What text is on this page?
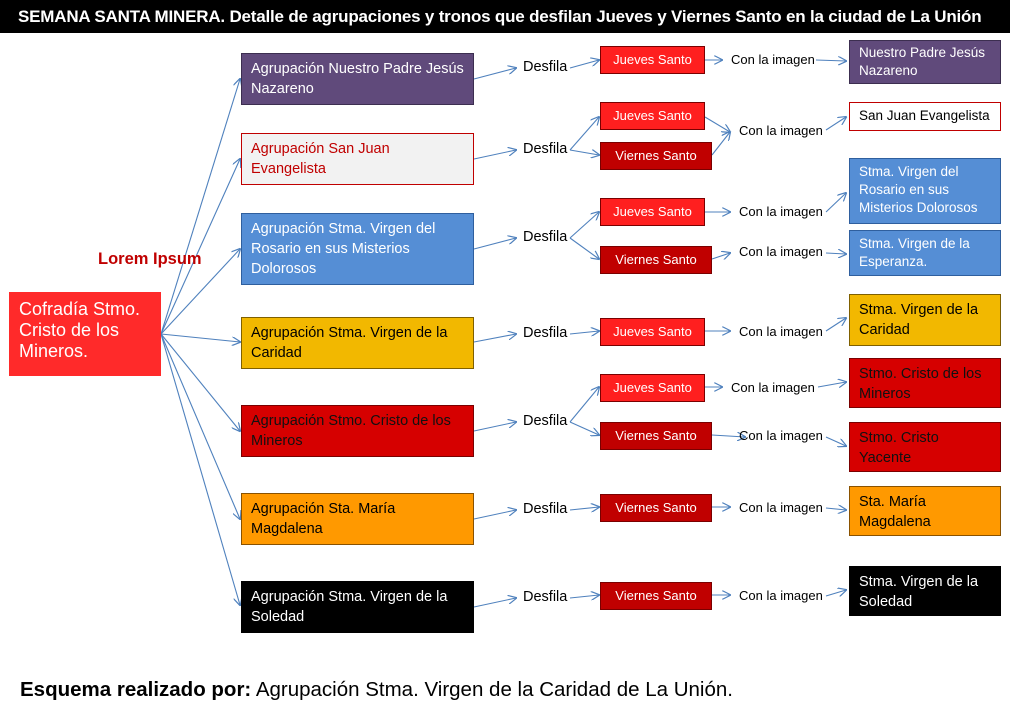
SEMANA SANTA MINERA. Detalle de agrupaciones y tronos que desfilan Jueves y Viernes Santo en la ciudad de La Unión
Cofradía Stmo. Cristo de los Mineros.
Lorem Ipsum
Agrupación Nuestro Padre Jesús Nazareno
Agrupación San Juan Evangelista
Agrupación Stma. Virgen del Rosario en sus Misterios Dolorosos
Agrupación Stma. Virgen de la Caridad
Agrupación Stmo. Cristo de los Mineros
Agrupación Sta. María Magdalena
Agrupación Stma. Virgen de la Soledad
Desfila
Desfila
Desfila
Desfila
Desfila
Desfila
Desfila
Jueves Santo
Jueves Santo
Viernes Santo
Jueves Santo
Viernes Santo
Jueves Santo
Jueves Santo
Viernes Santo
Viernes Santo
Viernes Santo
Con la imagen
Con la imagen
Con la imagen
Con la imagen
Con la imagen
Con la imagen
Con la imagen
Con la imagen
Con la imagen
Nuestro Padre Jesús Nazareno
San Juan Evangelista
Stma. Virgen del Rosario en sus Misterios Dolorosos
Stma. Virgen de la Esperanza.
Stma. Virgen de la Caridad
Stmo. Cristo de los Mineros
Stmo. Cristo Yacente
Sta. María Magdalena
Stma. Virgen de la Soledad
Esquema realizado por: Agrupación Stma. Virgen de la Caridad de La Unión.
